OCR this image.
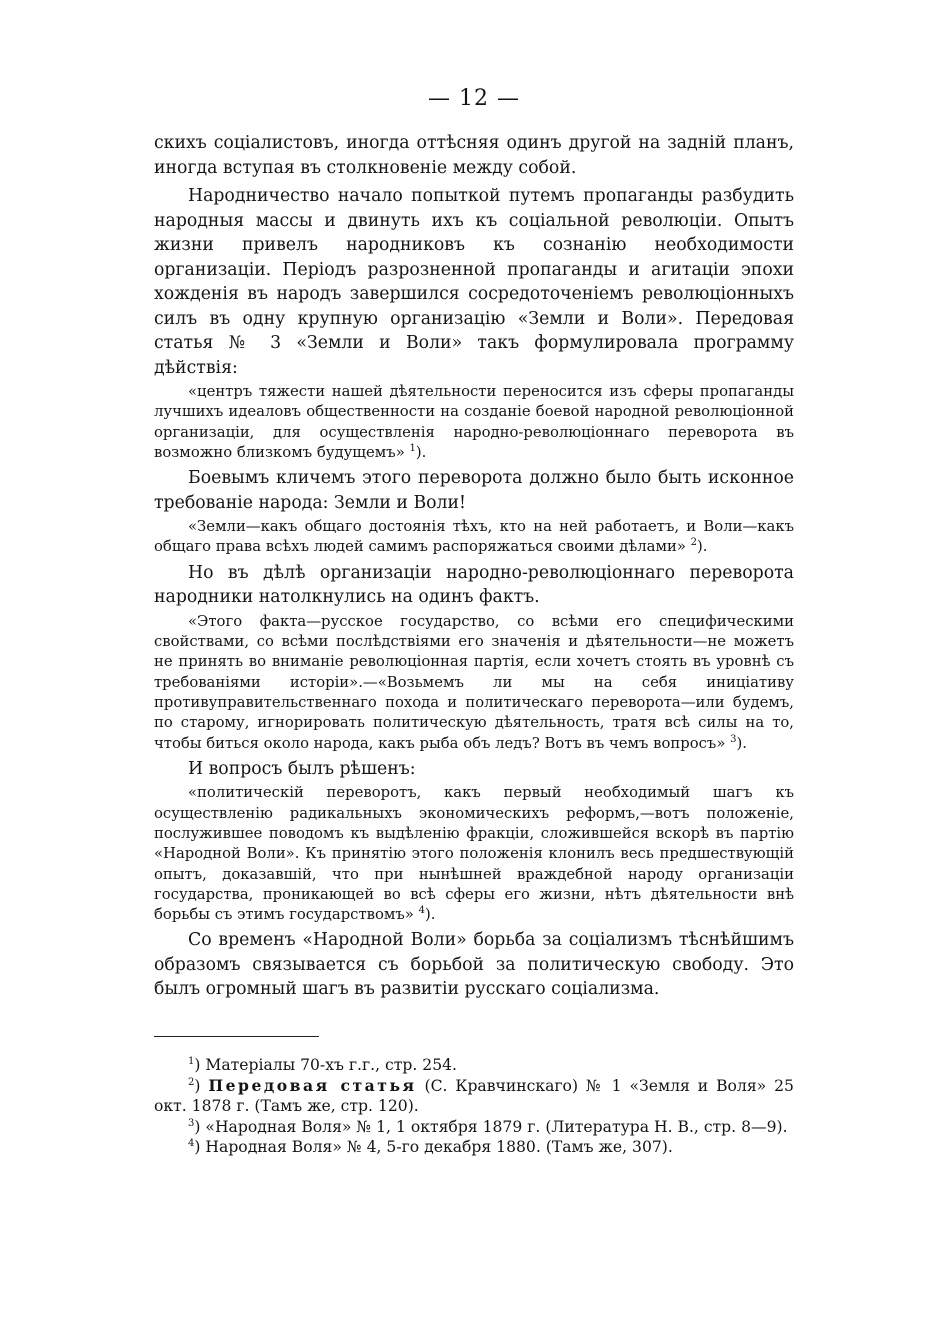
— 12 —

скихъ соціалистовъ, иногда оттѣсняя одинъ другой на задній планъ, иногда вступая въ столкновеніе между собой.

Народничество начало попыткой путемъ пропаганды разбудить народныя массы и двинуть ихъ къ соціальной революціи. Опытъ жизни привелъ народниковъ къ сознанію необходимости организаціи. Періодъ разрозненной пропаганды и агитаціи эпохи хожденія въ народъ завершился сосредоточеніемъ революціонныхъ силъ въ одну крупную организацію «Земли и Воли». Передовая статья № 3 «Земли и Воли» такъ формулировала программу дѣйствія:

«центръ тяжести нашей дѣятельности переносится изъ сферы пропаганды лучшихъ идеаловъ общественности на созданіе боевой народной революціонной организаціи, для осуществленія народно-революціоннаго переворота въ возможно близкомъ будущемъ» $^1$).

Боевымъ кличемъ этого переворота должно было быть исконное требованіе народа: Земли и Воли!

«Земли—какъ общаго достоянія тѣхъ, кто на ней работаетъ, и Воли—какъ общаго права всѣхъ людей самимъ распоряжаться своими дѣлами» $^2$).

Но въ дѣлѣ организаціи народно-революціоннаго переворота народники натолкнулись на одинъ фактъ.

«Этого факта—русское государство, со всѣми его специфическими свойствами, со всѣми послѣдствіями его значенія и дѣятельности—не можетъ не принять во вниманіе революціонная партія, если хочетъ стоять въ уровнѣ съ требованіями исторіи».—«Возьмемъ ли мы на себя иниціативу противуправительственнаго похода и политическаго переворота—или будемъ, по старому, игнорировать политическую дѣятельность, тратя всѣ силы на то, чтобы биться около народа, какъ рыба объ ледъ? Вотъ въ чемъ вопросъ» $^3$).

И вопросъ былъ рѣшенъ:

«политическій переворотъ, какъ первый необходимый шагъ къ осуществленію радикальныхъ экономическихъ реформъ,—вотъ положеніе, послужившее поводомъ къ выдѣленію фракціи, сложившейся вскорѣ въ партію «Народной Воли». Къ принятію этого положенія клонилъ весь предшествующій опытъ, доказавшій, что при нынѣшней враждебной народу организаціи государства, проникающей во всѣ сферы его жизни, нѣтъ дѣятельности внѣ борьбы съ этимъ государствомъ» $^4$).

Со временъ «Народной Воли» борьба за соціализмъ тѣснѣйшимъ образомъ связывается съ борьбой за политическую свободу. Это былъ огромный шагъ въ развитіи русскаго соціализма.

$^1$) Матеріалы 70-хъ г.г., стр. 254.

$^2$) Передовая статья (С. Кравчинскаго) № 1 «Земля и Воля» 25 окт. 1878 г. (Тамъ же, стр. 120).

$^3$) «Народная Воля» № 1, 1 октября 1879 г. (Литература Н. В., стр. 8—9).

$^4$) Народная Воля» № 4, 5-го декабря 1880. (Тамъ же, 307).
